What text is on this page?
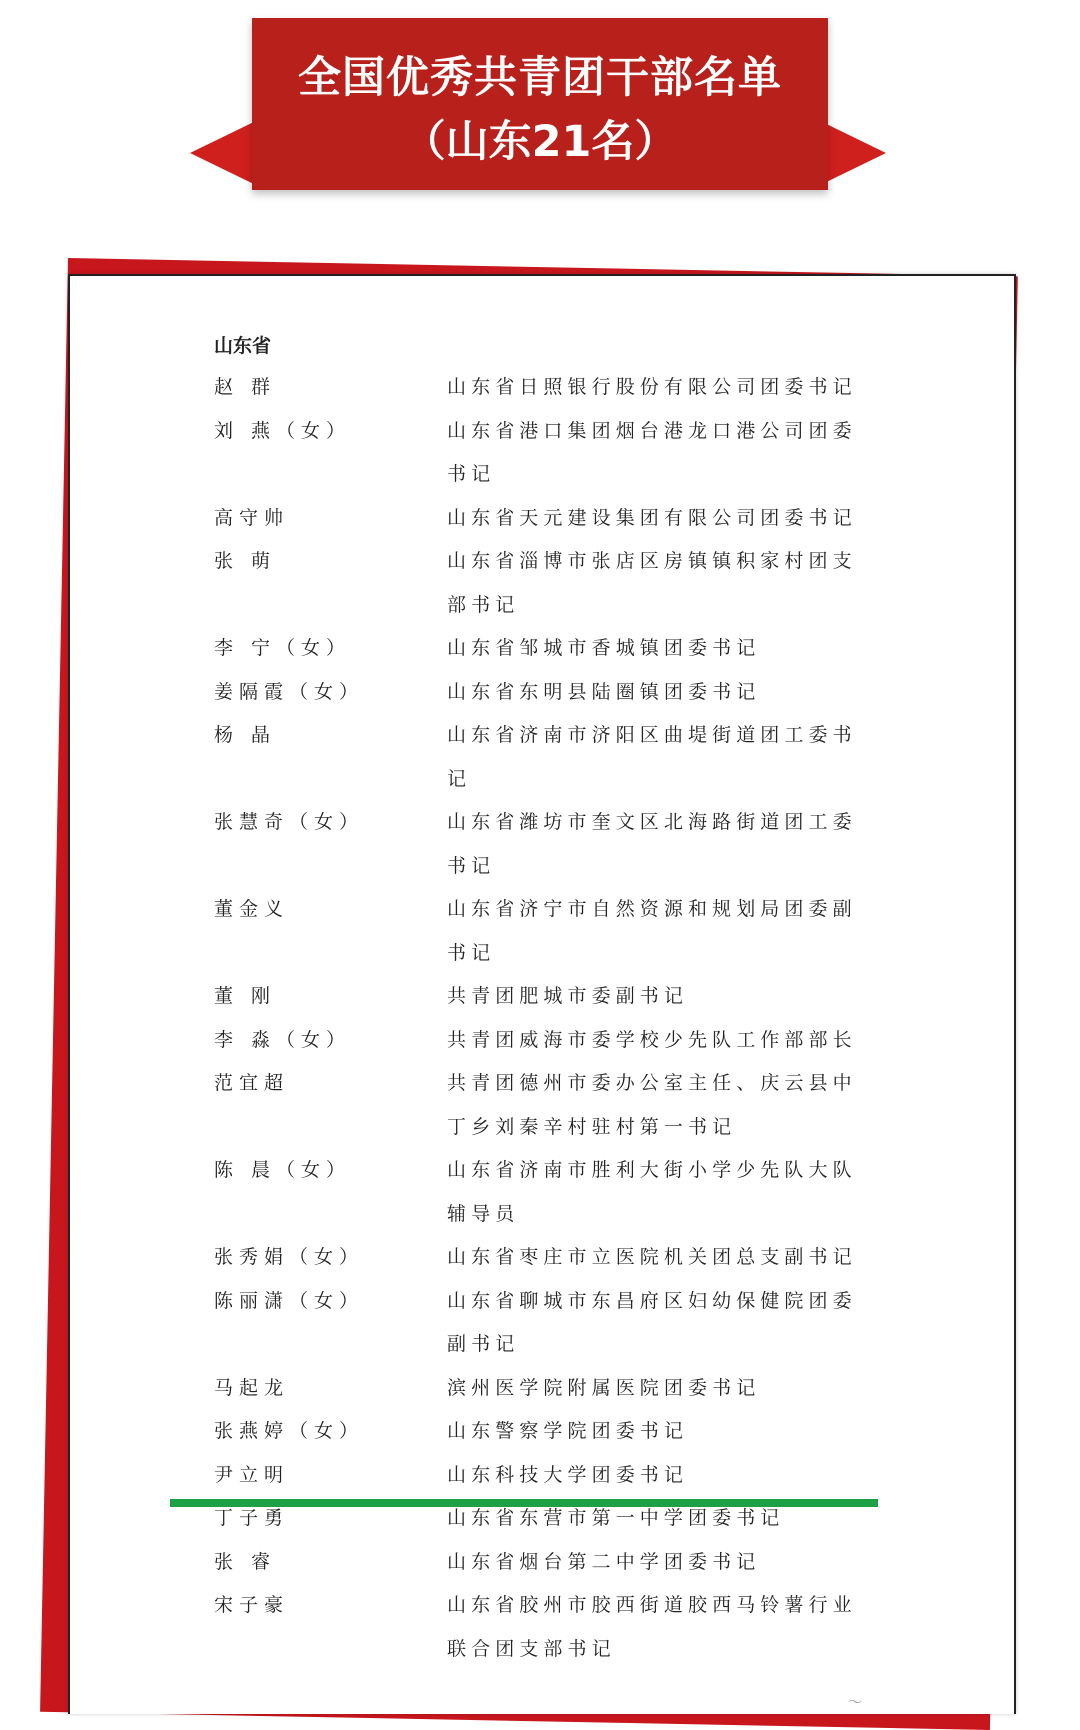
全国优秀共青团干部名单
（山东21名）
山东省
赵 群	山东省日照银行股份有限公司团委书记
刘 燕（女）	山东省港口集团烟台港龙口港公司团委书记
高守帅	山东省天元建设集团有限公司团委书记
张 萌	山东省淄博市张店区房镇镇积家村团支部书记
李 宁（女）	山东省邹城市香城镇团委书记
姜隔霞（女）	山东省东明县陆圈镇团委书记
杨 晶	山东省济南市济阳区曲堤街道团工委书记
张慧奇（女）	山东省潍坊市奎文区北海路街道团工委书记
董金义	山东省济宁市自然资源和规划局团委副书记
董 刚	共青团肥城市委副书记
李 淼（女）	共青团威海市委学校少先队工作部部长
范宜超	共青团德州市委办公室主任、庆云县中丁乡刘秦辛村驻村第一书记
陈 晨（女）	山东省济南市胜利大街小学少先队大队辅导员
张秀娟（女）	山东省枣庄市立医院机关团总支副书记
陈丽潇（女）	山东省聊城市东昌府区妇幼保健院团委副书记
马起龙	滨州医学院附属医院团委书记
张燕婷（女）	山东警察学院团委书记
尹立明	山东科技大学团委书记
丁子勇	山东省东营市第一中学团委书记
张 睿	山东省烟台第二中学团委书记
宋子豪	山东省胶州市胶西街道胶西马铃薯行业联合团支部书记
〜
